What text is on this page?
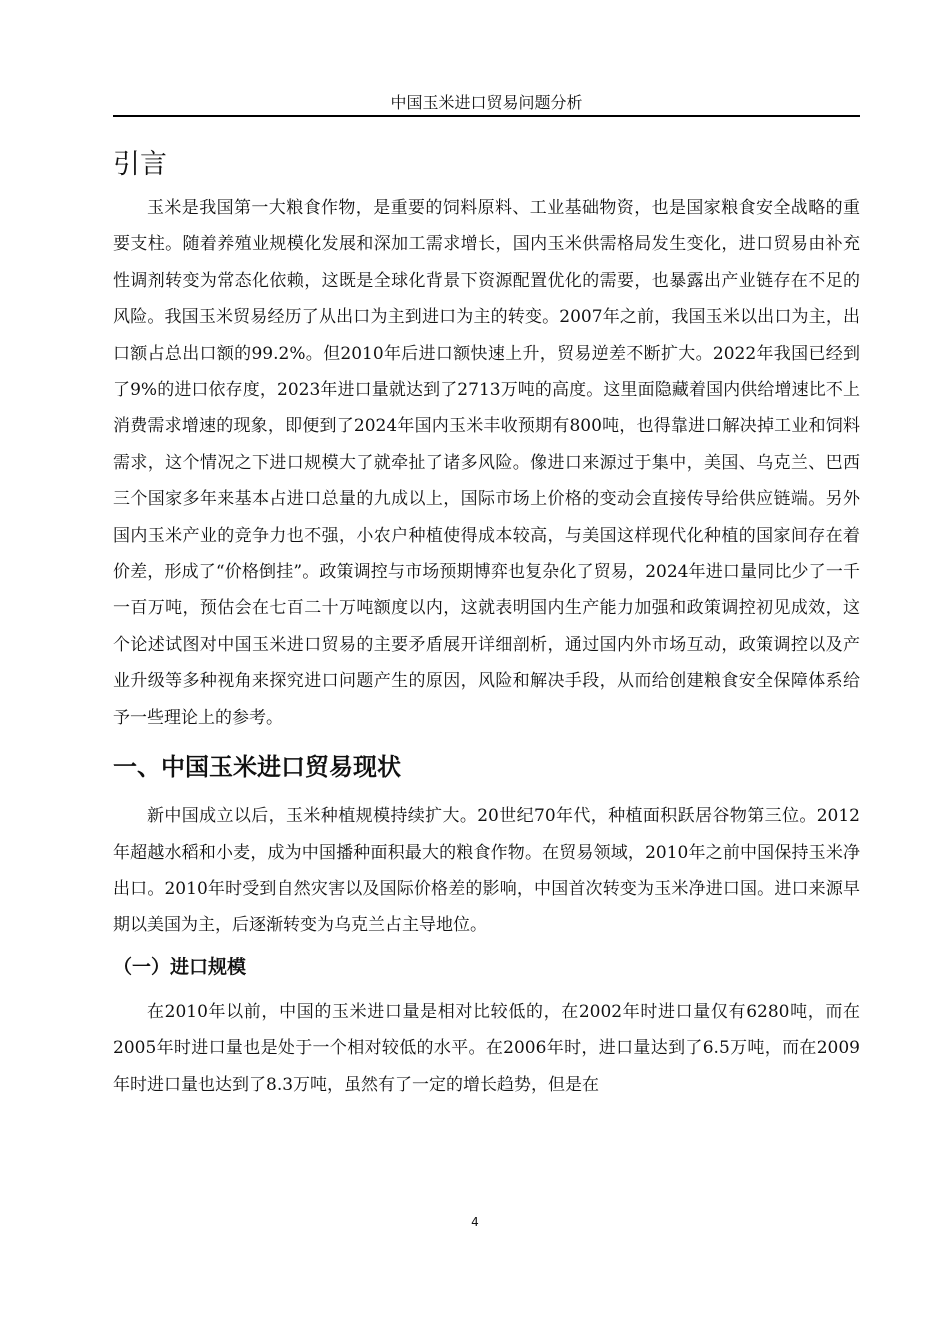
中国玉米进口贸易问题分析
引言

玉米是我国第一大粮食作物，是重要的饲料原料、工业基础物资，也是国家粮食安全战略的重要支柱。随着养殖业规模化发展和深加工需求增长，国内玉米供需格局发生变化，进口贸易由补充性调剂转变为常态化依赖，这既是全球化背景下资源配置优化的需要，也暴露出产业链存在不足的风险。我国玉米贸易经历了从出口为主到进口为主的转变。2007年之前，我国玉米以出口为主，出口额占总出口额的99.2%。但2010年后进口额快速上升，贸易逆差不断扩大。2022年我国已经到了9%的进口依存度，2023年进口量就达到了2713万吨的高度。这里面隐藏着国内供给增速比不上消费需求增速的现象，即便到了2024年国内玉米丰收预期有800吨，也得靠进口解决掉工业和饲料需求，这个情况之下进口规模大了就牵扯了诸多风险。像进口来源过于集中，美国、乌克兰、巴西三个国家多年来基本占进口总量的九成以上，国际市场上价格的变动会直接传导给供应链端。另外国内玉米产业的竞争力也不强，小农户种植使得成本较高，与美国这样现代化种植的国家间存在着价差，形成了“价格倒挂”。政策调控与市场预期博弈也复杂化了贸易，2024年进口量同比少了一千一百万吨，预估会在七百二十万吨额度以内，这就表明国内生产能力加强和政策调控初见成效，这个论述试图对中国玉米进口贸易的主要矛盾展开详细剖析，通过国内外市场互动，政策调控以及产业升级等多种视角来探究进口问题产生的原因，风险和解决手段，从而给创建粮食安全保障体系给予一些理论上的参考。

一、中国玉米进口贸易现状

新中国成立以后，玉米种植规模持续扩大。20世纪70年代，种植面积跃居谷物第三位。2012年超越水稻和小麦，成为中国播种面积最大的粮食作物。在贸易领域，2010年之前中国保持玉米净出口。2010年时受到自然灾害以及国际价格差的影响，中国首次转变为玉米净进口国。进口来源早期以美国为主，后逐渐转变为乌克兰占主导地位。

（一）进口规模

在2010年以前，中国的玉米进口量是相对比较低的，在2002年时进口量仅有6280吨，而在2005年时进口量也是处于一个相对较低的水平。在2006年时，进口量达到了6.5万吨，而在2009年时进口量也达到了8.3万吨，虽然有了一定的增长趋势，但是在

4
